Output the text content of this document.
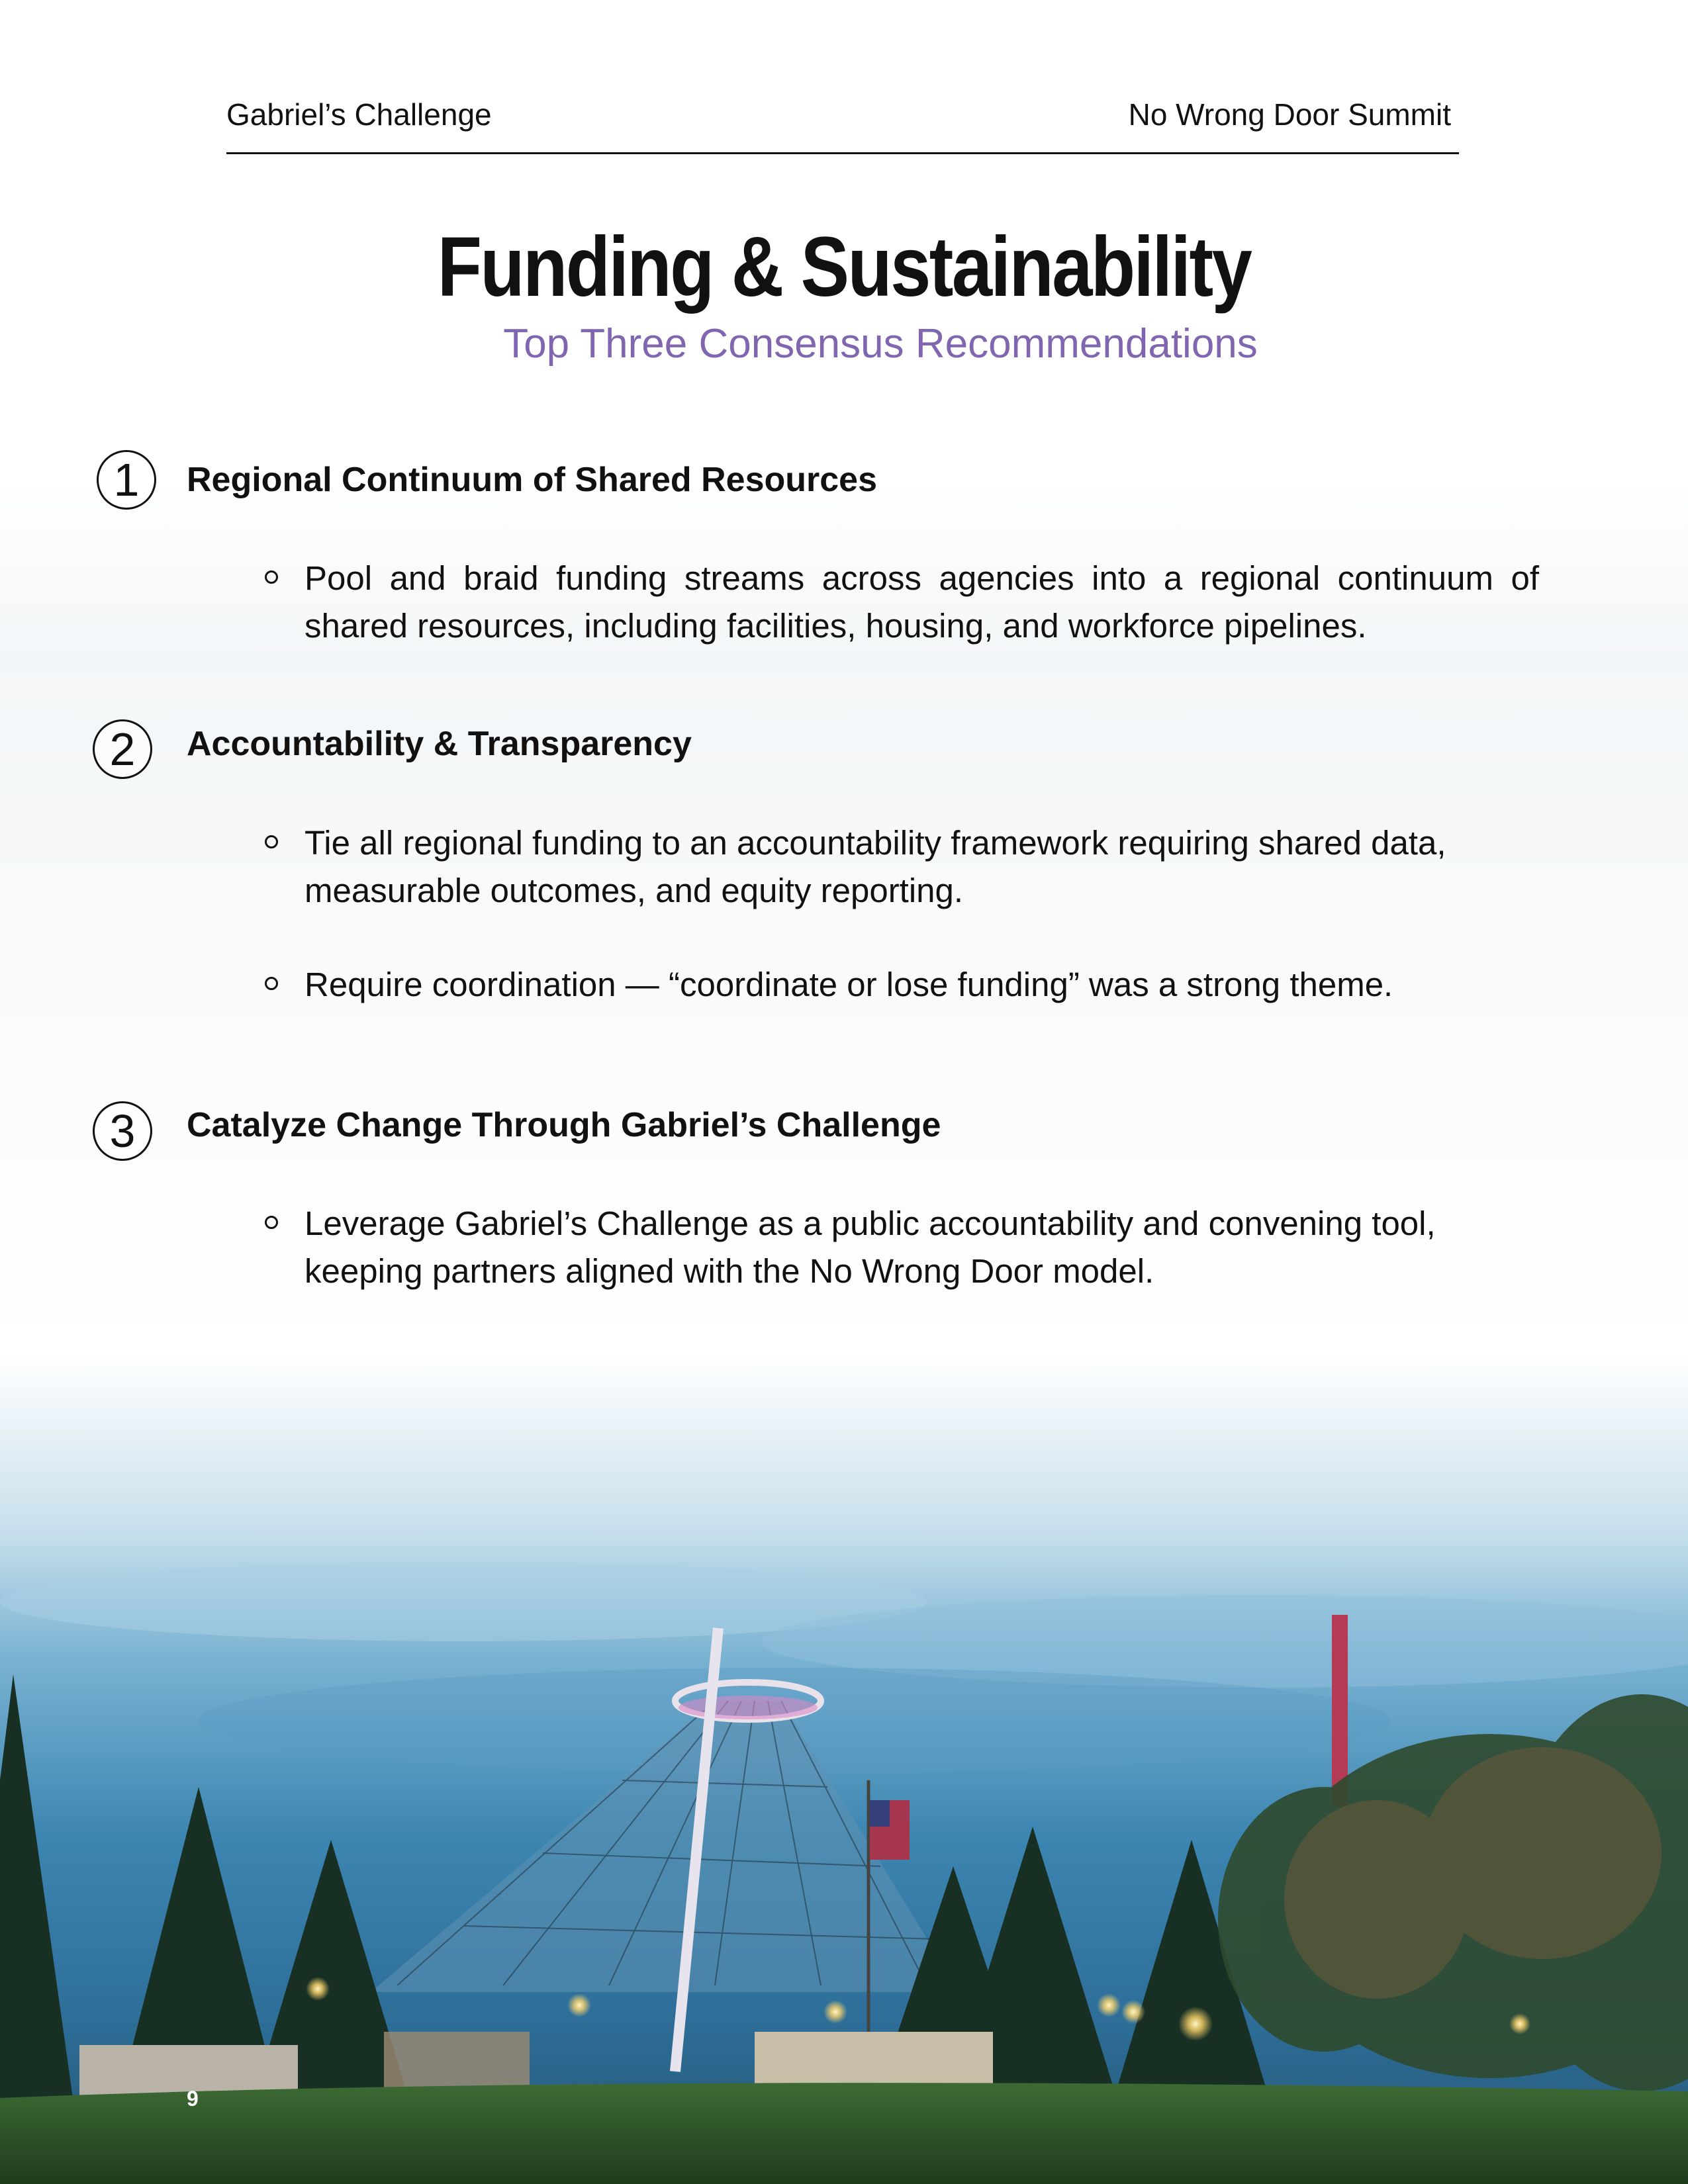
Gabriel’s Challenge	No Wrong Door Summit
Funding & Sustainability
Top Three Consensus Recommendations
1	Regional Continuum of Shared Resources
Pool and braid funding streams across agencies into a regional continuum of shared resources, including facilities, housing, and workforce pipelines.
2	Accountability & Transparency
Tie all regional funding to an accountability framework requiring shared data, measurable outcomes, and equity reporting.
Require coordination — “coordinate or lose funding” was a strong theme.
3	Catalyze Change Through Gabriel’s Challenge
Leverage Gabriel’s Challenge as a public accountability and convening tool, keeping partners aligned with the No Wrong Door model.
9
